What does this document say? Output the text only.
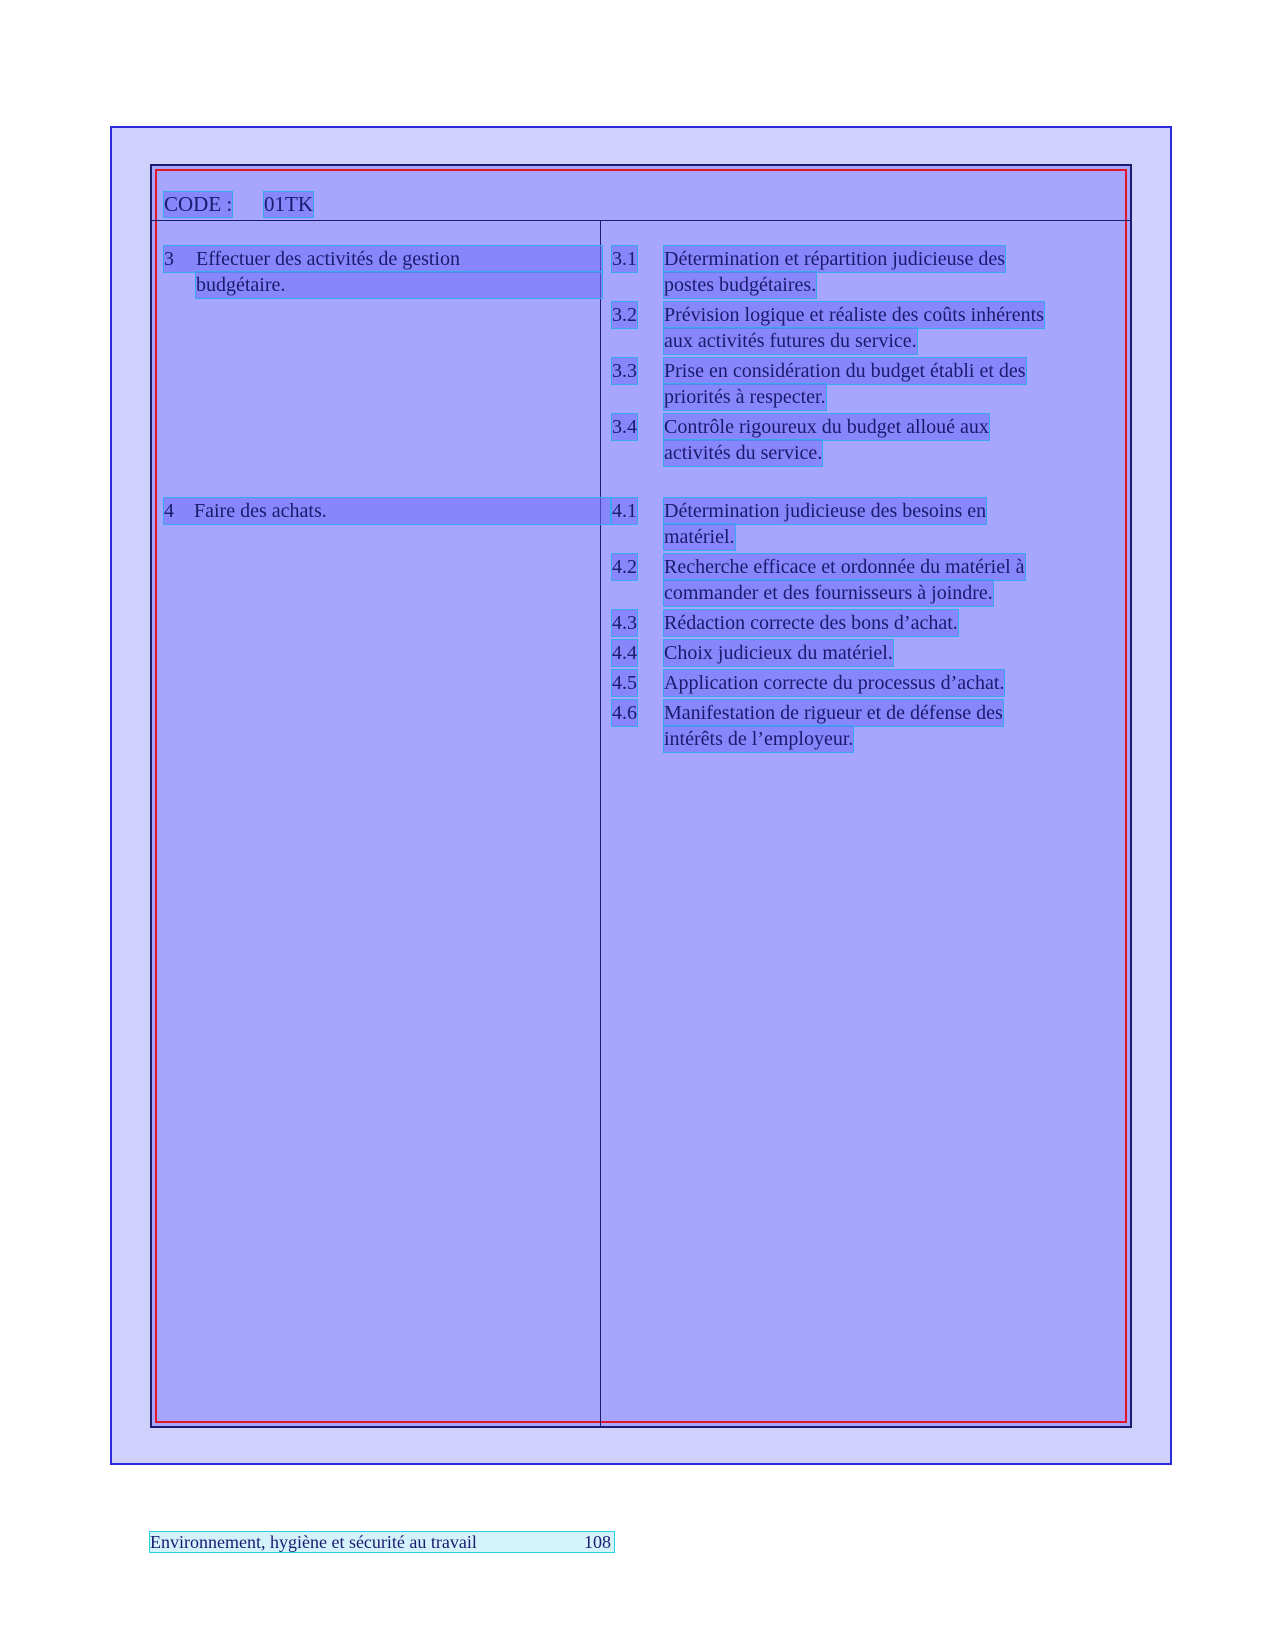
CODE : 01TK
3 Effectuer des activités de gestion
budgétaire.
3.1 Détermination et répartition judicieuse des
postes budgétaires.
3.2 Prévision logique et réaliste des coûts inhérents
aux activités futures du service.
3.3 Prise en considération du budget établi et des
priorités à respecter.
3.4 Contrôle rigoureux du budget alloué aux
activités du service.
4 Faire des achats.	4.1 Détermination judicieuse des besoins en
matériel.
4.2 Recherche efficace et ordonnée du matériel à
commander et des fournisseurs à joindre.
4.3 Rédaction correcte des bons d’achat.
4.4 Choix judicieux du matériel.
4.5 Application correcte du processus d’achat.
4.6 Manifestation de rigueur et de défense des
intérêts de l’employeur.
Environnement, hygiène et sécurité au travail	108
